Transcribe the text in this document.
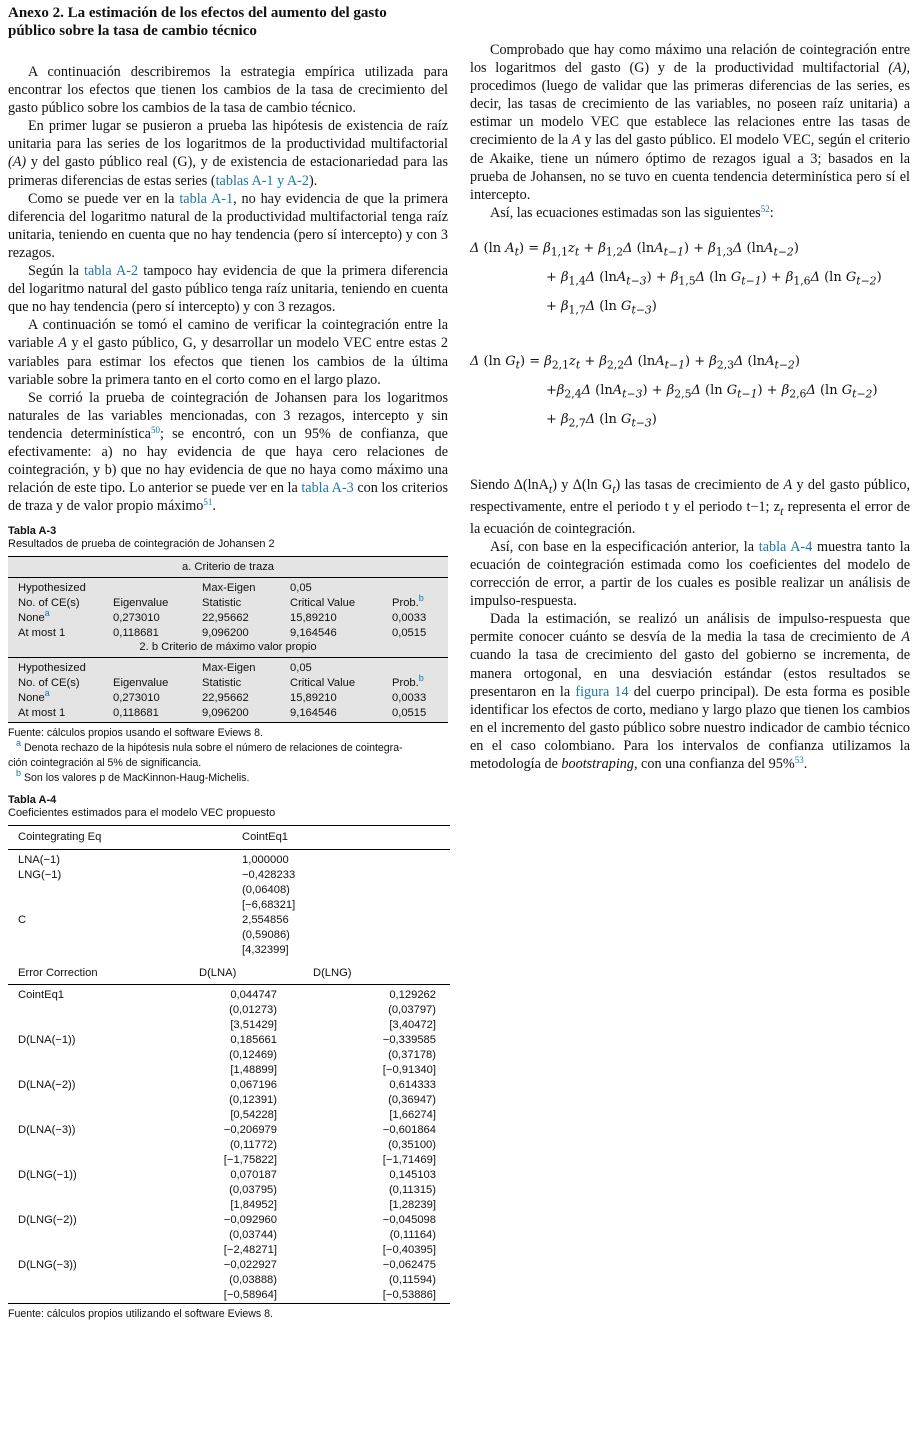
Anexo 2. La estimación de los efectos del aumento del gasto
público sobre la tasa de cambio técnico

A continuación describiremos la estrategia empírica utilizada para encontrar los efectos que tienen los cambios de la tasa de crecimiento del gasto público sobre los cambios de la tasa de cambio técnico.

En primer lugar se pusieron a prueba las hipótesis de existencia de raíz unitaria para las series de los logaritmos de la productividad multifactorial (A) y del gasto público real (G), y de existencia de estacionariedad para las primeras diferencias de estas series (tablas A-1 y A-2).

Como se puede ver en la tabla A-1, no hay evidencia de que la primera diferencia del logaritmo natural de la productividad multifactorial tenga raíz unitaria, teniendo en cuenta que no hay tendencia (pero sí intercepto) y con 3 rezagos.

Según la tabla A-2 tampoco hay evidencia de que la primera diferencia del logaritmo natural del gasto público tenga raíz unitaria, teniendo en cuenta que no hay tendencia (pero sí intercepto) y con 3 rezagos.

A continuación se tomó el camino de verificar la cointegración entre la variable A y el gasto público, G, y desarrollar un modelo VEC entre estas 2 variables para estimar los efectos que tienen los cambios de la última variable sobre la primera tanto en el corto como en el largo plazo.

Se corrió la prueba de cointegración de Johansen para los logaritmos naturales de las variables mencionadas, con 3 rezagos, intercepto y sin tendencia determinística$^{50}$; se encontró, con un 95% de confianza, que efectivamente: a) no hay evidencia de que haya cero relaciones de cointegración, y b) que no hay evidencia de que no haya como máximo una relación de este tipo. Lo anterior se puede ver en la tabla A-3 con los criterios de traza y de valor propio máximo$^{51}$.

Tabla A-3
Resultados de prueba de cointegración de Johansen 2
a. Criterio de traza				
Hypothesized		Max-Eigen	0,05	
No. of CE(s)	Eigenvalue	Statistic	Critical Value	Prob.$^b$
None$^a$	0,273010	22,95662	15,89210	0,0033
At most 1	0,118681	9,096200	9,164546	0,0515
2. b Criterio de máximo valor propio				
Hypothesized		Max-Eigen	0,05	
No. of CE(s)	Eigenvalue	Statistic	Critical Value	Prob.$^b$
None$^a$	0,273010	22,95662	15,89210	0,0033
At most 1	0,118681	9,096200	9,164546	0,0515
Fuente: cálculos propios usando el software Eviews 8.
$^a$ Denota rechazo de la hipótesis nula sobre el número de relaciones de cointegra-
ción cointegración al 5% de significancia.
$^b$ Son los valores p de MacKinnon-Haug-Michelis.
Tabla A-4
Coeficientes estimados para el modelo VEC propuesto
Cointegrating Eq	CointEq1	
LNA(−1)	1,000000	
LNG(−1)	−0,428233	
	(0,06408)	
	[−6,68321]	
C	2,554856	
	(0,59086)	
	[4,32399]	
Error Correction	D(LNA)	D(LNG)
CointEq1	0,044747	0,129262
	(0,01273)	(0,03797)
	[3,51429]	[3,40472]
D(LNA(−1))	0,185661	−0,339585
	(0,12469)	(0,37178)
	[1,48899]	[−0,91340]
D(LNA(−2))	0,067196	0,614333
	(0,12391)	(0,36947)
	[0,54228]	[1,66274]
D(LNA(−3))	−0,206979	−0,601864
	(0,11772)	(0,35100)
	[−1,75822]	[−1,71469]
D(LNG(−1))	0,070187	0,145103
	(0,03795)	(0,11315)
	[1,84952]	[1,28239]
D(LNG(−2))	−0,092960	−0,045098
	(0,03744)	(0,11164)
	[−2,48271]	[−0,40395]
D(LNG(−3))	−0,022927	−0,062475
	(0,03888)	(0,11594)
	[−0,58964]	[−0,53886]
Fuente: cálculos propios utilizando el software Eviews 8.

Comprobado que hay como máximo una relación de cointegración entre los logaritmos del gasto (G) y de la productividad multifactorial (A), procedimos (luego de validar que las primeras diferencias de las series, es decir, las tasas de crecimiento de las variables, no poseen raíz unitaria) a estimar un modelo VEC que establece las relaciones entre las tasas de crecimiento de la A y las del gasto público. El modelo VEC, según el criterio de Akaike, tiene un número óptimo de rezagos igual a 3; basados en la prueba de Johansen, no se tuvo en cuenta tendencia determinística pero sí el intercepto.

Así, las ecuaciones estimadas son las siguientes$^{52}$:

Δ (ln $A_t) = \beta_{1,1}z_t + \beta_{1,2}\Delta$ $(\ln A_{t-1}) + \beta_{1,3}\Delta$ (lnA$_{t-2}$)
+ $\beta_{1,4}\Delta$ $(\ln A_{t-3}) + \beta_{1,5}\Delta$ (ln $G_{t-1}) + \beta_{1,6}\Delta$ (ln $G_{t-2}$)
+ $\beta_{1,7}\Delta$ (ln $G_{t-3}$)
Δ (ln $G_t) = \beta_{2,1}z_t + \beta_{2,2}\Delta$ $(\ln A_{t-1}) + \beta_{2,3}\Delta$ (lnA$_{t-2}$)
$+\beta_{2,4}\Delta$ $(\ln A_{t-3}) + \beta_{2,5}\Delta$ (ln $G_{t-1}) + \beta_{2,6}\Delta$ (ln $G_{t-2}$)
+ $\beta_{2,7}\Delta$ (ln $G_{t-3}$)

Siendo Δ(lnA$_t$) y Δ(ln $G_t$) las tasas de crecimiento de A y del gasto público, respectivamente, entre el periodo t y el periodo t−1; $z_t$ representa el error de la ecuación de cointegración.

Así, con base en la especificación anterior, la tabla A-4 muestra tanto la ecuación de cointegración estimada como los coeficientes del modelo de corrección de error, a partir de los cuales es posible realizar un análisis de impulso-respuesta.

Dada la estimación, se realizó un análisis de impulso-respuesta que permite conocer cuánto se desvía de la media la tasa de crecimiento de A cuando la tasa de crecimiento del gasto del gobierno se incrementa, de manera ortogonal, en una desviación estándar (estos resultados se presentaron en la figura 14 del cuerpo principal). De esta forma es posible identificar los efectos de corto, mediano y largo plazo que tienen los cambios en el incremento del gasto público sobre nuestro indicador de cambio técnico en el caso colombiano. Para los intervalos de confianza utilizamos la metodología de bootstraping, con una confianza del 95%$^{53}$.
